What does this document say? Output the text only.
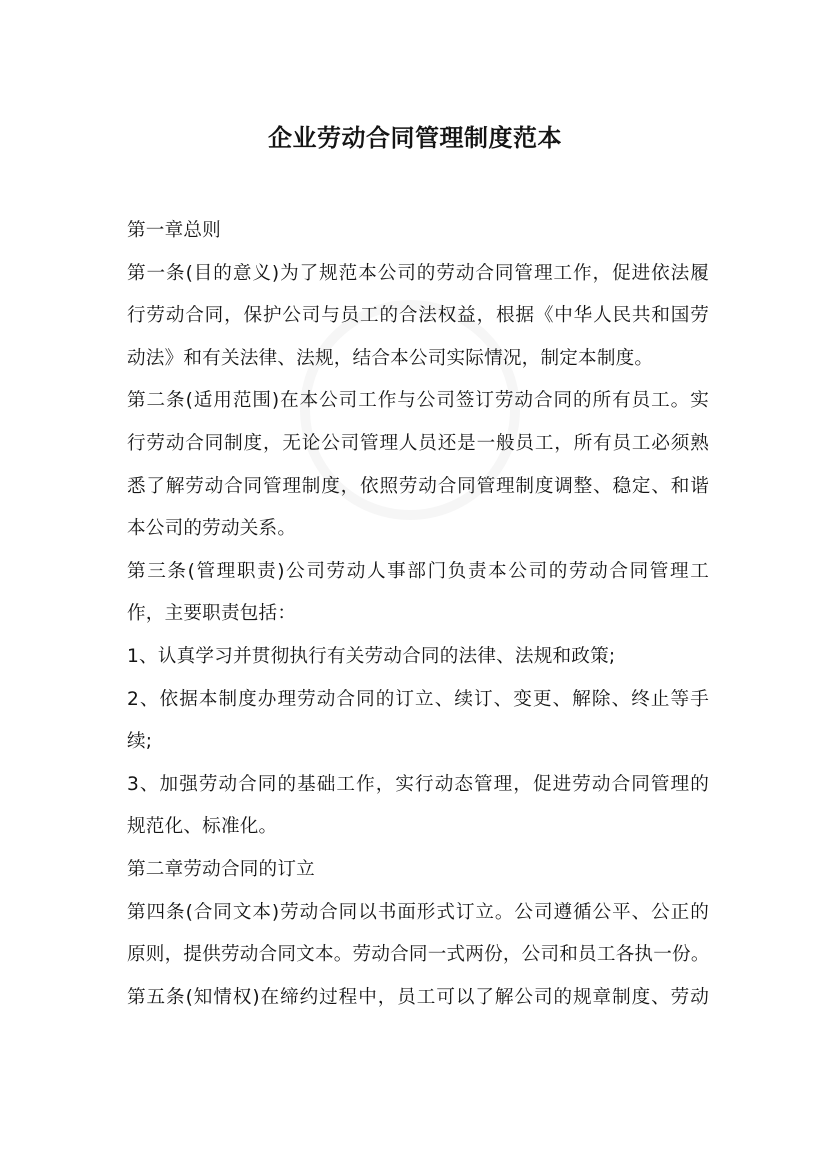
企业劳动合同管理制度范本

第一章总则

第一条(目的意义)为了规范本公司的劳动合同管理工作，促进依法履

行劳动合同，保护公司与员工的合法权益，根据《中华人民共和国劳

动法》和有关法律、法规，结合本公司实际情况，制定本制度。

第二条(适用范围)在本公司工作与公司签订劳动合同的所有员工。实

行劳动合同制度，无论公司管理人员还是一般员工，所有员工必须熟

悉了解劳动合同管理制度，依照劳动合同管理制度调整、稳定、和谐

本公司的劳动关系。

第三条(管理职责)公司劳动人事部门负责本公司的劳动合同管理工

作，主要职责包括：

1、认真学习并贯彻执行有关劳动合同的法律、法规和政策;

2、依据本制度办理劳动合同的订立、续订、变更、解除、终止等手

续;

3、加强劳动合同的基础工作，实行动态管理，促进劳动合同管理的

规范化、标准化。

第二章劳动合同的订立

第四条(合同文本)劳动合同以书面形式订立。公司遵循公平、公正的

原则，提供劳动合同文本。劳动合同一式两份，公司和员工各执一份。

第五条(知情权)在缔约过程中，员工可以了解公司的规章制度、劳动
